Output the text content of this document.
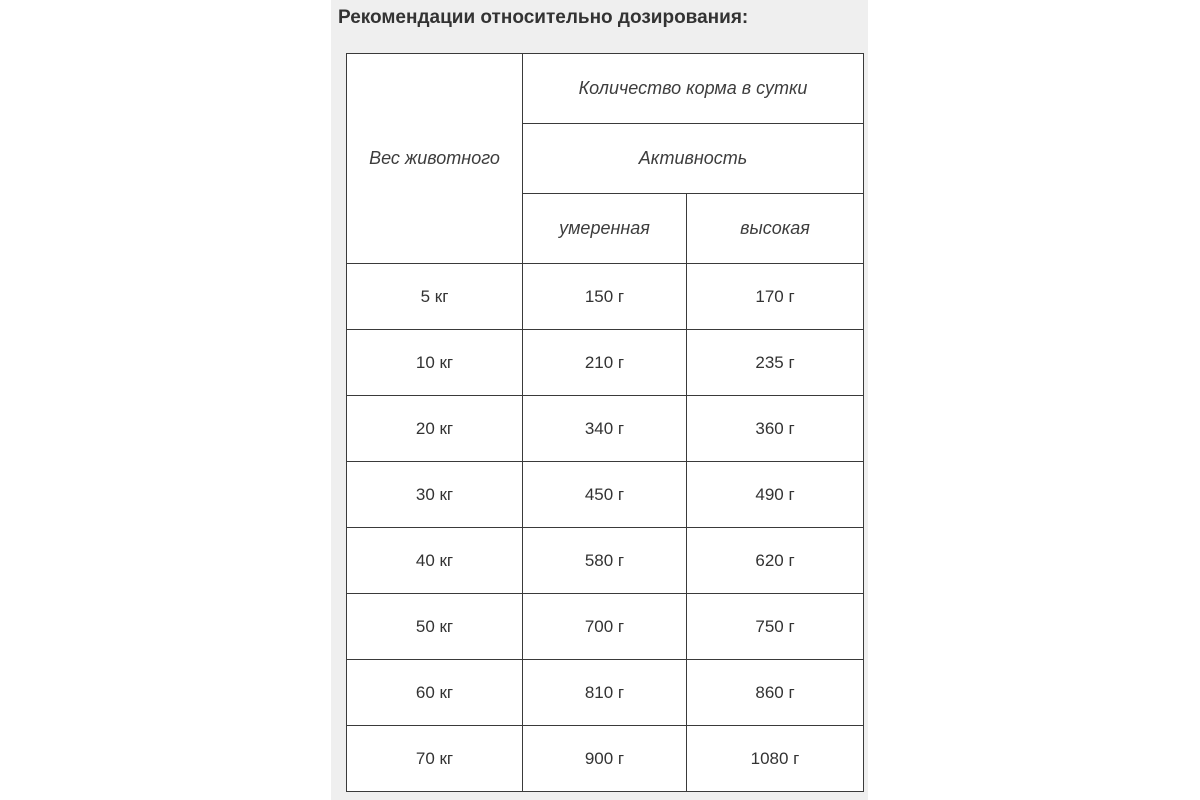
Рекомендации относительно дозирования:
Вес животного	Количество корма в сутки	
	Активность	
	умеренная	высокая
5 кг	150 г	170 г
10 кг	210 г	235 г
20 кг	340 г	360 г
30 кг	450 г	490 г
40 кг	580 г	620 г
50 кг	700 г	750 г
60 кг	810 г	860 г
70 кг	900 г	1080 г
